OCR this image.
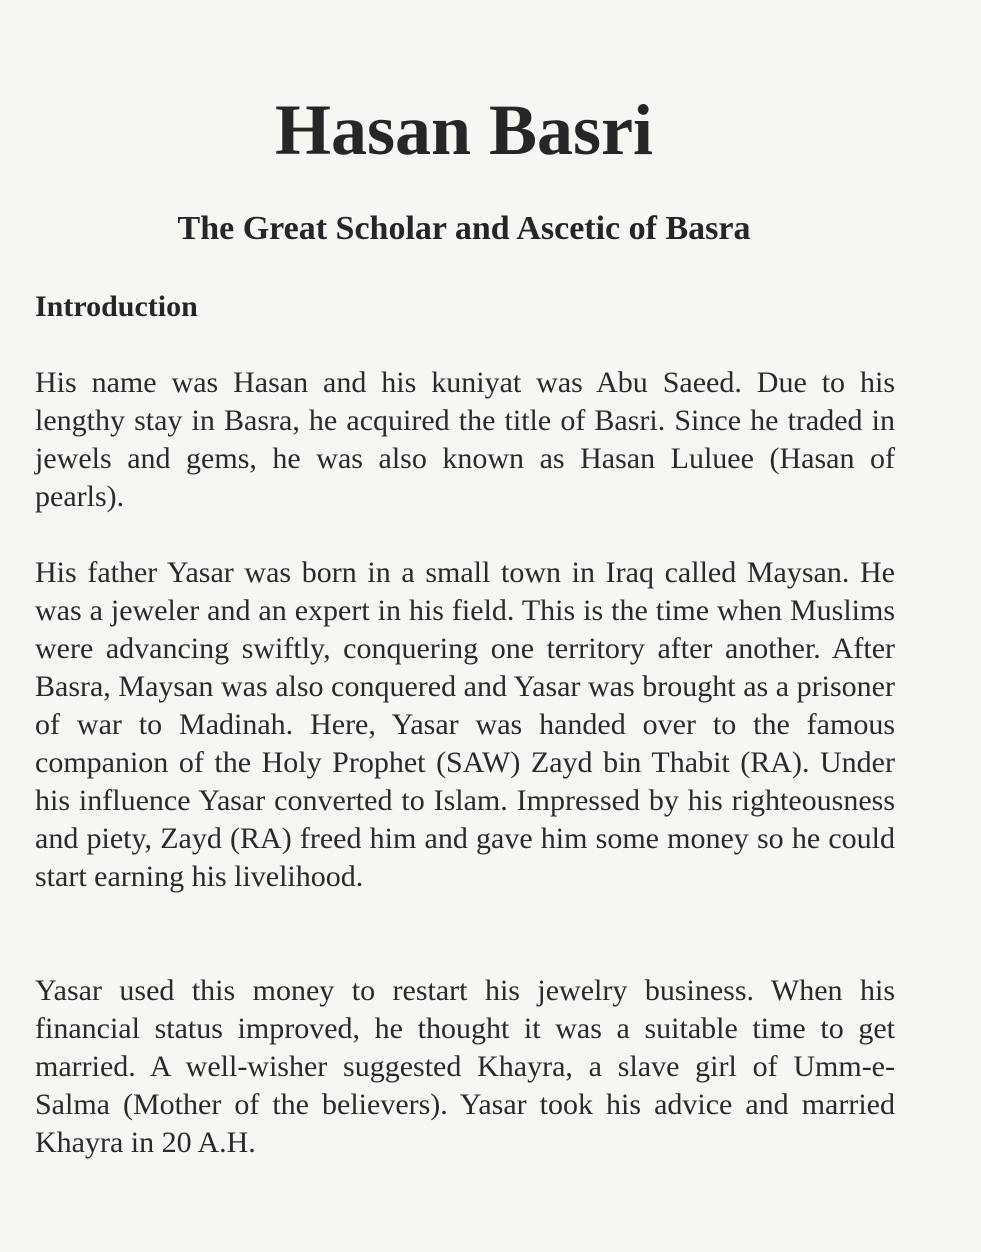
Hasan Basri
The Great Scholar and Ascetic of Basra
Introduction

His name was Hasan and his kuniyat was Abu Saeed. Due to his lengthy stay in Basra, he acquired the title of Basri. Since he traded in jewels and gems, he was also known as Hasan Luluee (Hasan of pearls).

His father Yasar was born in a small town in Iraq called Maysan. He was a jeweler and an expert in his field. This is the time when Muslims were advancing swiftly, conquering one territory after another. After Basra, Maysan was also conquered and Yasar was brought as a prisoner of war to Madinah. Here, Yasar was handed over to the famous companion of the Holy Prophet (SAW) Zayd bin Thabit (RA). Under his influence Yasar converted to Islam. Impressed by his righteousness and piety, Zayd (RA) freed him and gave him some money so he could start earning his livelihood.

Yasar used this money to restart his jewelry business. When his financial status improved, he thought it was a suitable time to get married. A well-wisher suggested Khayra, a slave girl of Umm-e-Salma (Mother of the believers). Yasar took his advice and married Khayra in 20 A.H.
